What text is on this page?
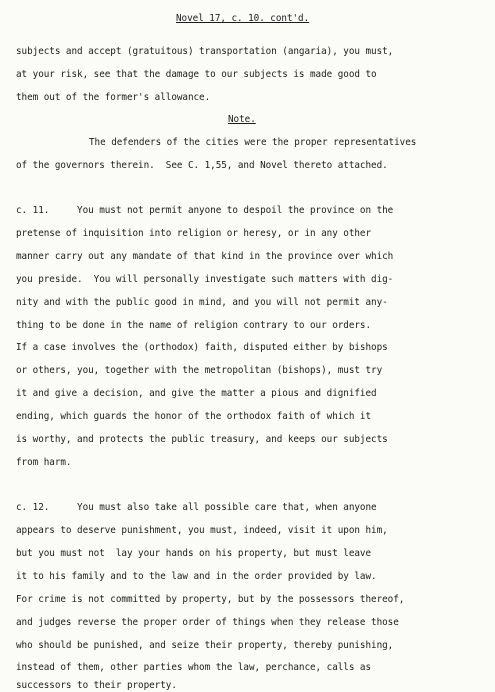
Novel 17, c. 10. cont'd.
subjects and accept (gratuitous) transportation (angaria), you must,
at your risk, see that the damage to our subjects is made good to
them out of the former's allowance.
Note.
The defenders of the cities were the proper representatives
of the governors therein.  See C. 1,55, and Novel thereto attached.
c. 11.     You must not permit anyone to despoil the province on the
pretense of inquisition into religion or heresy, or in any other
manner carry out any mandate of that kind in the province over which
you preside.  You will personally investigate such matters with dig-
nity and with the public good in mind, and you will not permit any-
thing to be done in the name of religion contrary to our orders.
If a case involves the (orthodox) faith, disputed either by bishops
or others, you, together with the metropolitan (bishops), must try
it and give a decision, and give the matter a pious and dignified
ending, which guards the honor of the orthodox faith of which it
is worthy, and protects the public treasury, and keeps our subjects
from harm.
c. 12.     You must also take all possible care that, when anyone
appears to deserve punishment, you must, indeed, visit it upon him,
but you must not  lay your hands on his property, but must leave
it to his family and to the law and in the order provided by law.
For crime is not committed by property, but by the possessors thereof,
and judges reverse the proper order of things when they release those
who should be punished, and seize their property, thereby punishing,
instead of them, other parties whom the law, perchance, calls as
successors to their property.
